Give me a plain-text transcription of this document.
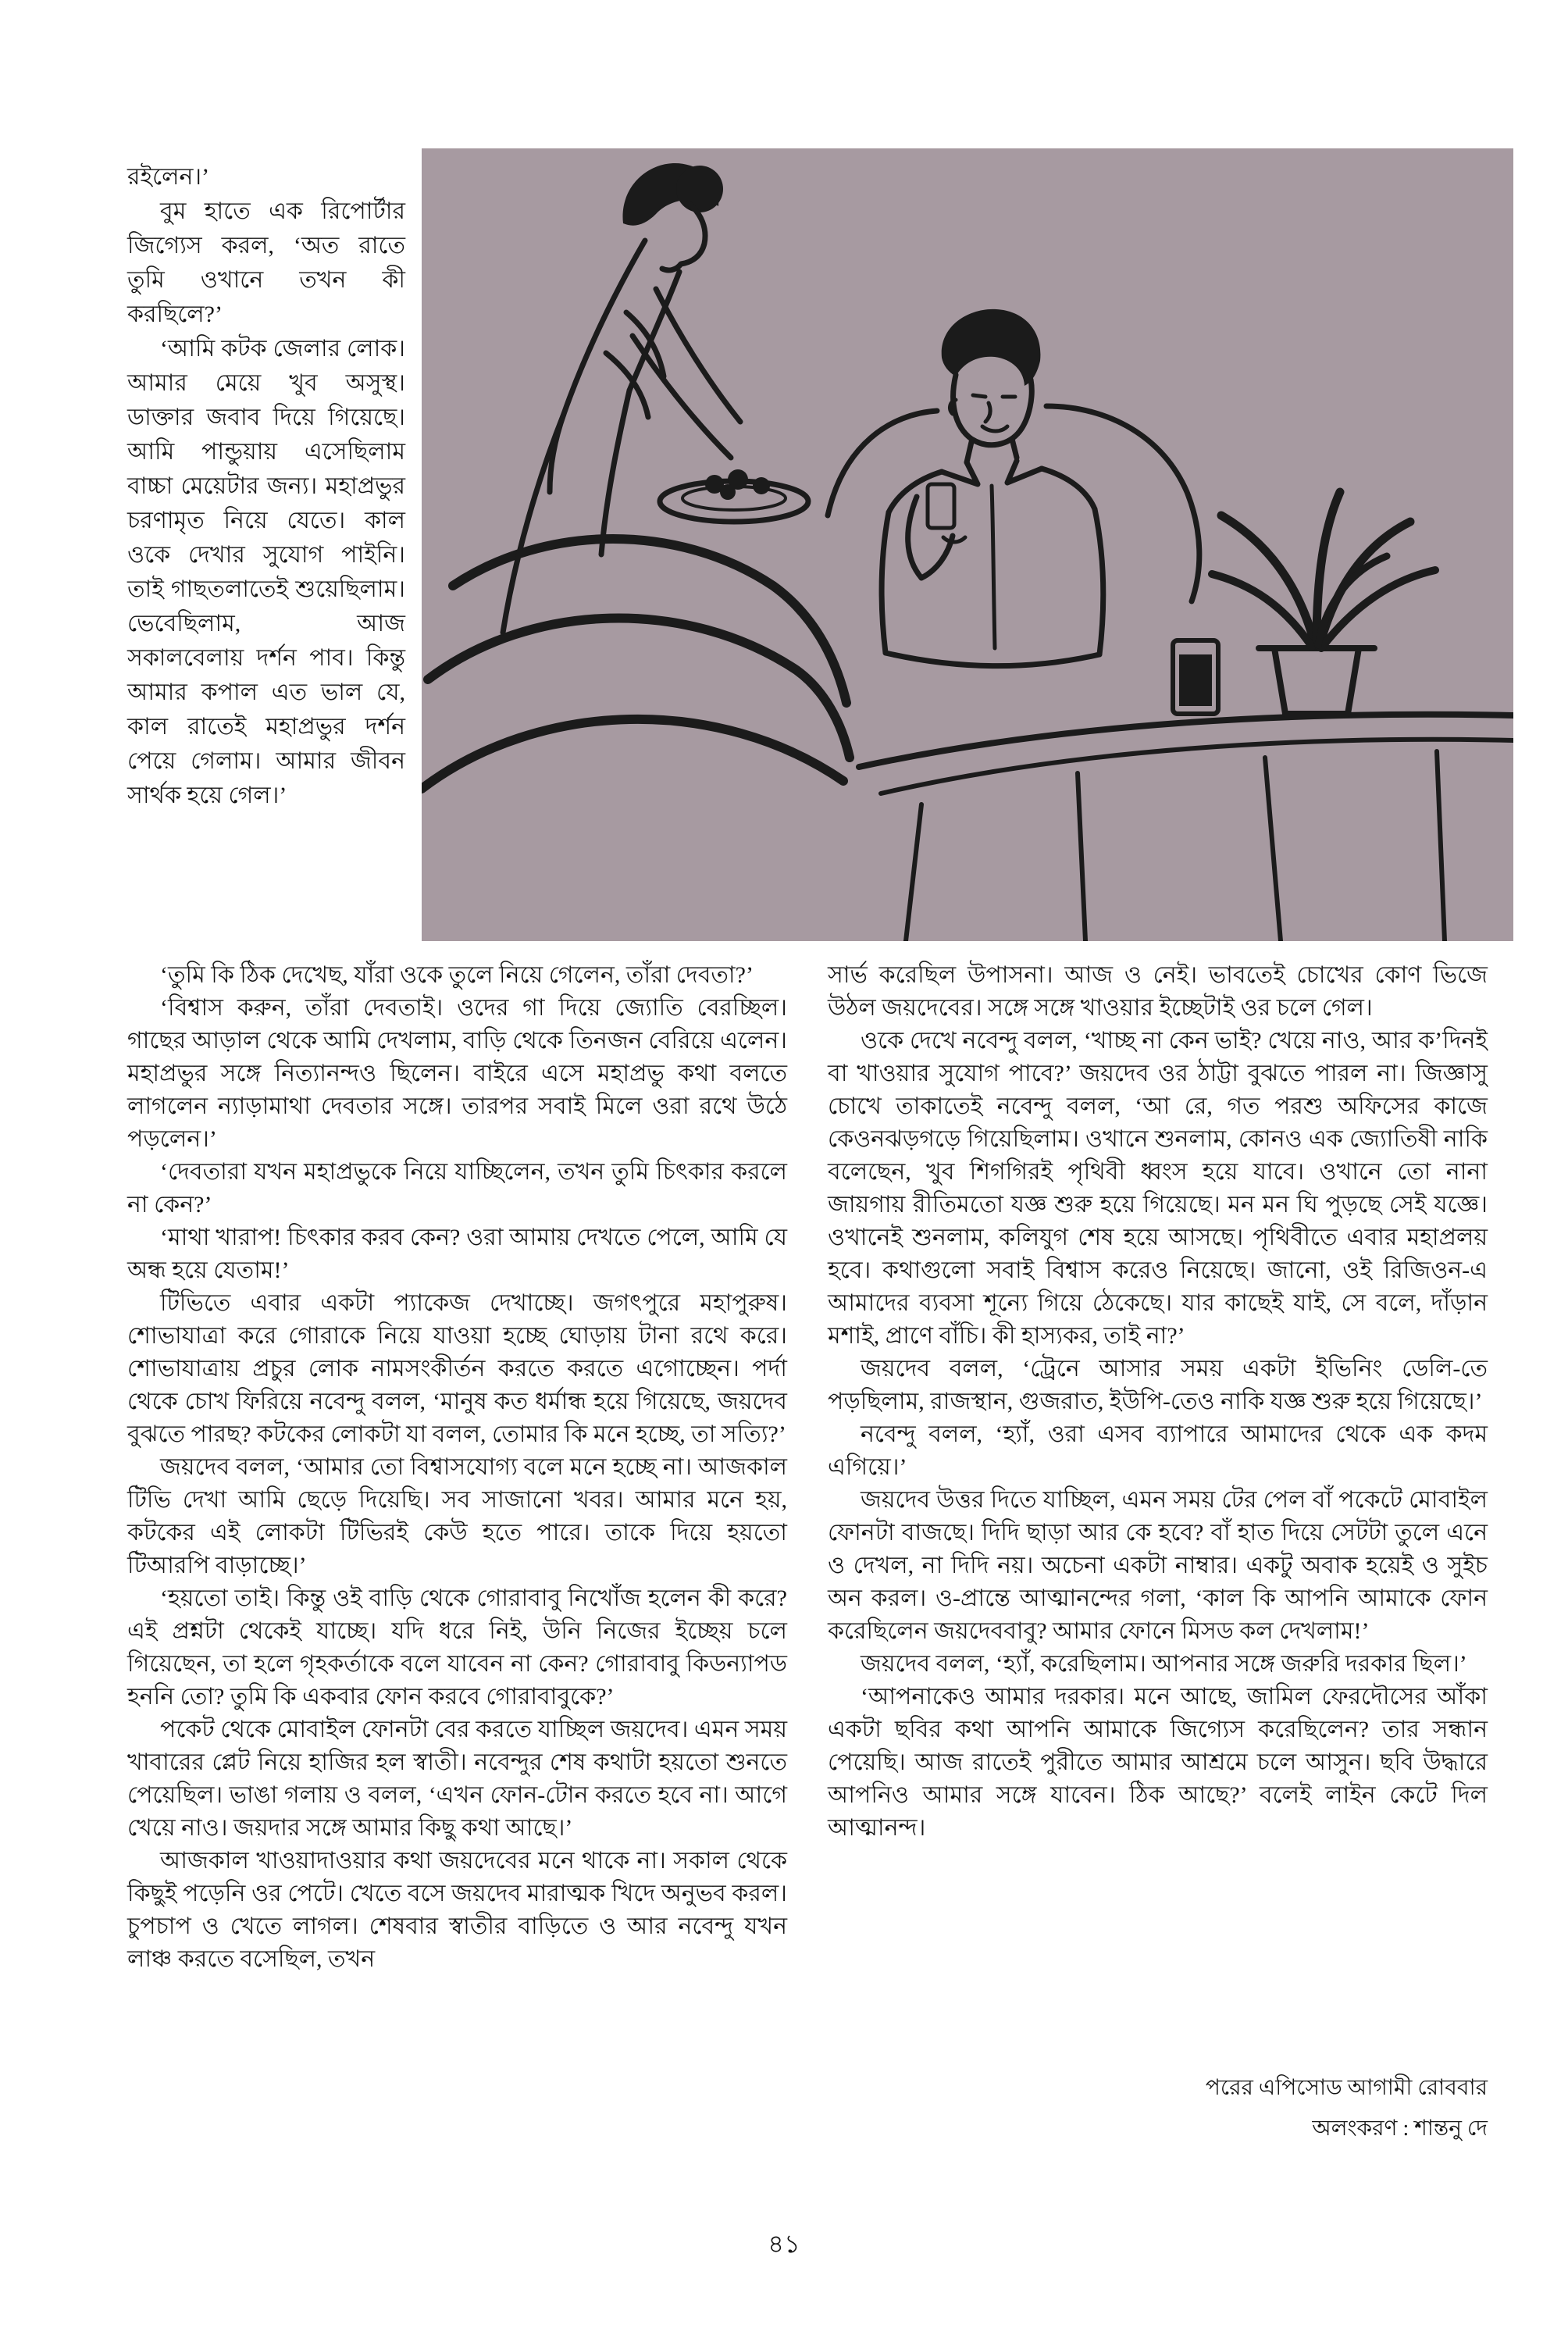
রইলেন।’

বুম হাতে এক রিপোর্টার জিগ্যেস করল, ‘অত রাতে তুমি ওখানে তখন কী করছিলে?’

‘আমি কটক জেলার লোক। আমার মেয়ে খুব অসুস্থ। ডাক্তার জবাব দিয়ে গিয়েছে। আমি পান্ডুয়ায় এসেছিলাম বাচ্চা মেয়েটার জন্য। মহাপ্রভুর চরণামৃত নিয়ে যেতে। কাল ওকে দেখার সুযোগ পাইনি। তাই গাছতলাতেই শুয়েছিলাম। ভেবেছিলাম, আজ সকালবেলায় দর্শন পাব। কিন্তু আমার কপাল এত ভাল যে, কাল রাতেই মহাপ্রভুর দর্শন পেয়ে গেলাম। আমার জীবন সার্থক হয়ে গেল।’

‘তুমি কি ঠিক দেখেছ, যাঁরা ওকে তুলে নিয়ে গেলেন, তাঁরা দেবতা?’

‘বিশ্বাস করুন, তাঁরা দেবতাই। ওদের গা দিয়ে জ্যোতি বেরচ্ছিল। গাছের আড়াল থেকে আমি দেখলাম, বাড়ি থেকে তিনজন বেরিয়ে এলেন। মহাপ্রভুর সঙ্গে নিত্যানন্দও ছিলেন। বাইরে এসে মহাপ্রভু কথা বলতে লাগলেন ন্যাড়ামাথা দেবতার সঙ্গে। তারপর সবাই মিলে ওরা রথে উঠে পড়লেন।’

‘দেবতারা যখন মহাপ্রভুকে নিয়ে যাচ্ছিলেন, তখন তুমি চিৎকার করলে না কেন?’

‘মাথা খারাপ! চিৎকার করব কেন? ওরা আমায় দেখতে পেলে, আমি যে অন্ধ হয়ে যেতাম!’

টিভিতে এবার একটা প্যাকেজ দেখাচ্ছে। জগৎপুরে মহাপুরুষ। শোভাযাত্রা করে গোরাকে নিয়ে যাওয়া হচ্ছে ঘোড়ায় টানা রথে করে। শোভাযাত্রায় প্রচুর লোক নামসংকীর্তন করতে করতে এগোচ্ছেন। পর্দা থেকে চোখ ফিরিয়ে নবেন্দু বলল, ‘মানুষ কত ধর্মান্ধ হয়ে গিয়েছে, জয়দেব বুঝতে পারছ? কটকের লোকটা যা বলল, তোমার কি মনে হচ্ছে, তা সত্যি?’

জয়দেব বলল, ‘আমার তো বিশ্বাসযোগ্য বলে মনে হচ্ছে না। আজকাল টিভি দেখা আমি ছেড়ে দিয়েছি। সব সাজানো খবর। আমার মনে হয়, কটকের এই লোকটা টিভিরই কেউ হতে পারে। তাকে দিয়ে হয়তো টিআরপি বাড়াচ্ছে।’

‘হয়তো তাই। কিন্তু ওই বাড়ি থেকে গোরাবাবু নিখোঁজ হলেন কী করে? এই প্রশ্নটা থেকেই যাচ্ছে। যদি ধরে নিই, উনি নিজের ইচ্ছেয় চলে গিয়েছেন, তা হলে গৃহকর্তাকে বলে যাবেন না কেন? গোরাবাবু কিডন্যাপড হননি তো? তুমি কি একবার ফোন করবে গোরাবাবুকে?’

পকেট থেকে মোবাইল ফোনটা বের করতে যাচ্ছিল জয়দেব। এমন সময় খাবারের প্লেট নিয়ে হাজির হল স্বাতী। নবেন্দুর শেষ কথাটা হয়তো শুনতে পেয়েছিল। ভাঙা গলায় ও বলল, ‘এখন ফোন-টোন করতে হবে না। আগে খেয়ে নাও। জয়দার সঙ্গে আমার কিছু কথা আছে।’

আজকাল খাওয়াদাওয়ার কথা জয়দেবের মনে থাকে না। সকাল থেকে কিছুই পড়েনি ওর পেটে। খেতে বসে জয়দেব মারাত্মক খিদে অনুভব করল। চুপচাপ ও খেতে লাগল। শেষবার স্বাতীর বাড়িতে ও আর নবেন্দু যখন লাঞ্চ করতে বসেছিল, তখন

সার্ভ করেছিল উপাসনা। আজ ও নেই। ভাবতেই চোখের কোণ ভিজে উঠল জয়দেবের। সঙ্গে সঙ্গে খাওয়ার ইচ্ছেটাই ওর চলে গেল।

ওকে দেখে নবেন্দু বলল, ‘খাচ্ছ না কেন ভাই? খেয়ে নাও, আর ক’দিনই বা খাওয়ার সুযোগ পাবে?’ জয়দেব ওর ঠাট্টা বুঝতে পারল না। জিজ্ঞাসু চোখে তাকাতেই নবেন্দু বলল, ‘আ রে, গত পরশু অফিসের কাজে কেওনঝড়গড়ে গিয়েছিলাম। ওখানে শুনলাম, কোনও এক জ্যোতিষী নাকি বলেছেন, খুব শিগগিরই পৃথিবী ধ্বংস হয়ে যাবে। ওখানে তো নানা জায়গায় রীতিমতো যজ্ঞ শুরু হয়ে গিয়েছে। মন মন ঘি পুড়ছে সেই যজ্ঞে। ওখানেই শুনলাম, কলিযুগ শেষ হয়ে আসছে। পৃথিবীতে এবার মহাপ্রলয় হবে। কথাগুলো সবাই বিশ্বাস করেও নিয়েছে। জানো, ওই রিজিওন-এ আমাদের ব্যবসা শূন্যে গিয়ে ঠেকেছে। যার কাছেই যাই, সে বলে, দাঁড়ান মশাই, প্রাণে বাঁচি। কী হাস্যকর, তাই না?’

জয়দেব বলল, ‘ট্রেনে আসার সময় একটা ইভিনিং ডেলি-তে পড়ছিলাম, রাজস্থান, গুজরাত, ইউপি-তেও নাকি যজ্ঞ শুরু হয়ে গিয়েছে।’

নবেন্দু বলল, ‘হ্যাঁ, ওরা এসব ব্যাপারে আমাদের থেকে এক কদম এগিয়ে।’

জয়দেব উত্তর দিতে যাচ্ছিল, এমন সময় টের পেল বাঁ পকেটে মোবাইল ফোনটা বাজছে। দিদি ছাড়া আর কে হবে? বাঁ হাত দিয়ে সেটটা তুলে এনে ও দেখল, না দিদি নয়। অচেনা একটা নাম্বার। একটু অবাক হয়েই ও সুইচ অন করল। ও-প্রান্তে আত্মানন্দের গলা, ‘কাল কি আপনি আমাকে ফোন করেছিলেন জয়দেববাবু? আমার ফোনে মিসড কল দেখলাম!’

জয়দেব বলল, ‘হ্যাঁ, করেছিলাম। আপনার সঙ্গে জরুরি দরকার ছিল।’

‘আপনাকেও আমার দরকার। মনে আছে, জামিল ফেরদৌসের আঁকা একটা ছবির কথা আপনি আমাকে জিগ্যেস করেছিলেন? তার সন্ধান পেয়েছি। আজ রাতেই পুরীতে আমার আশ্রমে চলে আসুন। ছবি উদ্ধারে আপনিও আমার সঙ্গে যাবেন। ঠিক আছে?’ বলেই লাইন কেটে দিল আত্মানন্দ।

পরের এপিসোড আগামী রোববার

অলংকরণ : শান্তনু দে

৪১
